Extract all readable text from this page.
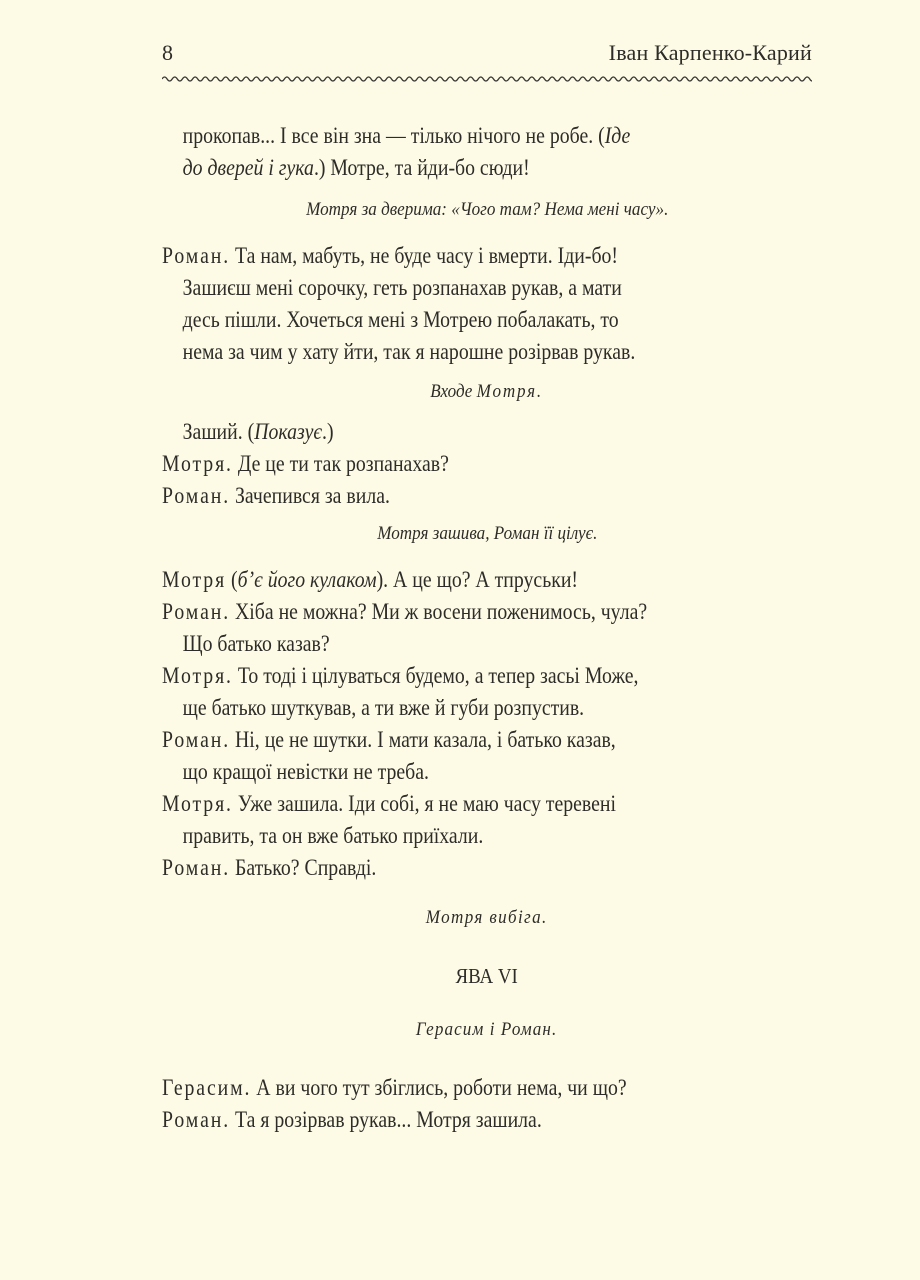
8	Іван Карпенко-Карий

прокопав... І все він зна — тілько нічого не робе. (Іде

до дверей і гука.) Мотре, та йди-бо сюди!

Мотря за дверима: «Чого там? Нема мені часу».

Роман. Та нам, мабуть, не буде часу і вмерти. Іди-бо!

Зашиєш мені сорочку, геть розпанахав рукав, а мати

десь пішли. Хочеться мені з Мотрею побалакать, то

нема за чим у хату йти, так я нарошне розірвав рукав.

Входе Мотря.

Заший. (Показує.)

Мотря. Де це ти так розпанахав?

Роман. Зачепився за вила.

Мотря зашива, Роман її цілує.

Мотря (б’є його кулаком). А це що? А тпруськи!

Роман. Хіба не можна? Ми ж восени поженимось, чула?

Що батько казав?

Мотря. То тоді і цілуваться будемо, а тепер засьі Може,

ще батько шуткував, а ти вже й губи розпустив.

Роман. Ні, це не шутки. І мати казала, і батько казав,

що кращої невістки не треба.

Мотря. Уже зашила. Іди собі, я не маю часу теревені

править, та он вже батько приїхали.

Роман. Батько? Справді.

Мотря вибіга.

ЯВА VI

Герасим і Роман.

Герасим. А ви чого тут збіглись, роботи нема, чи що?

Роман. Та я розірвав рукав... Мотря зашила.
